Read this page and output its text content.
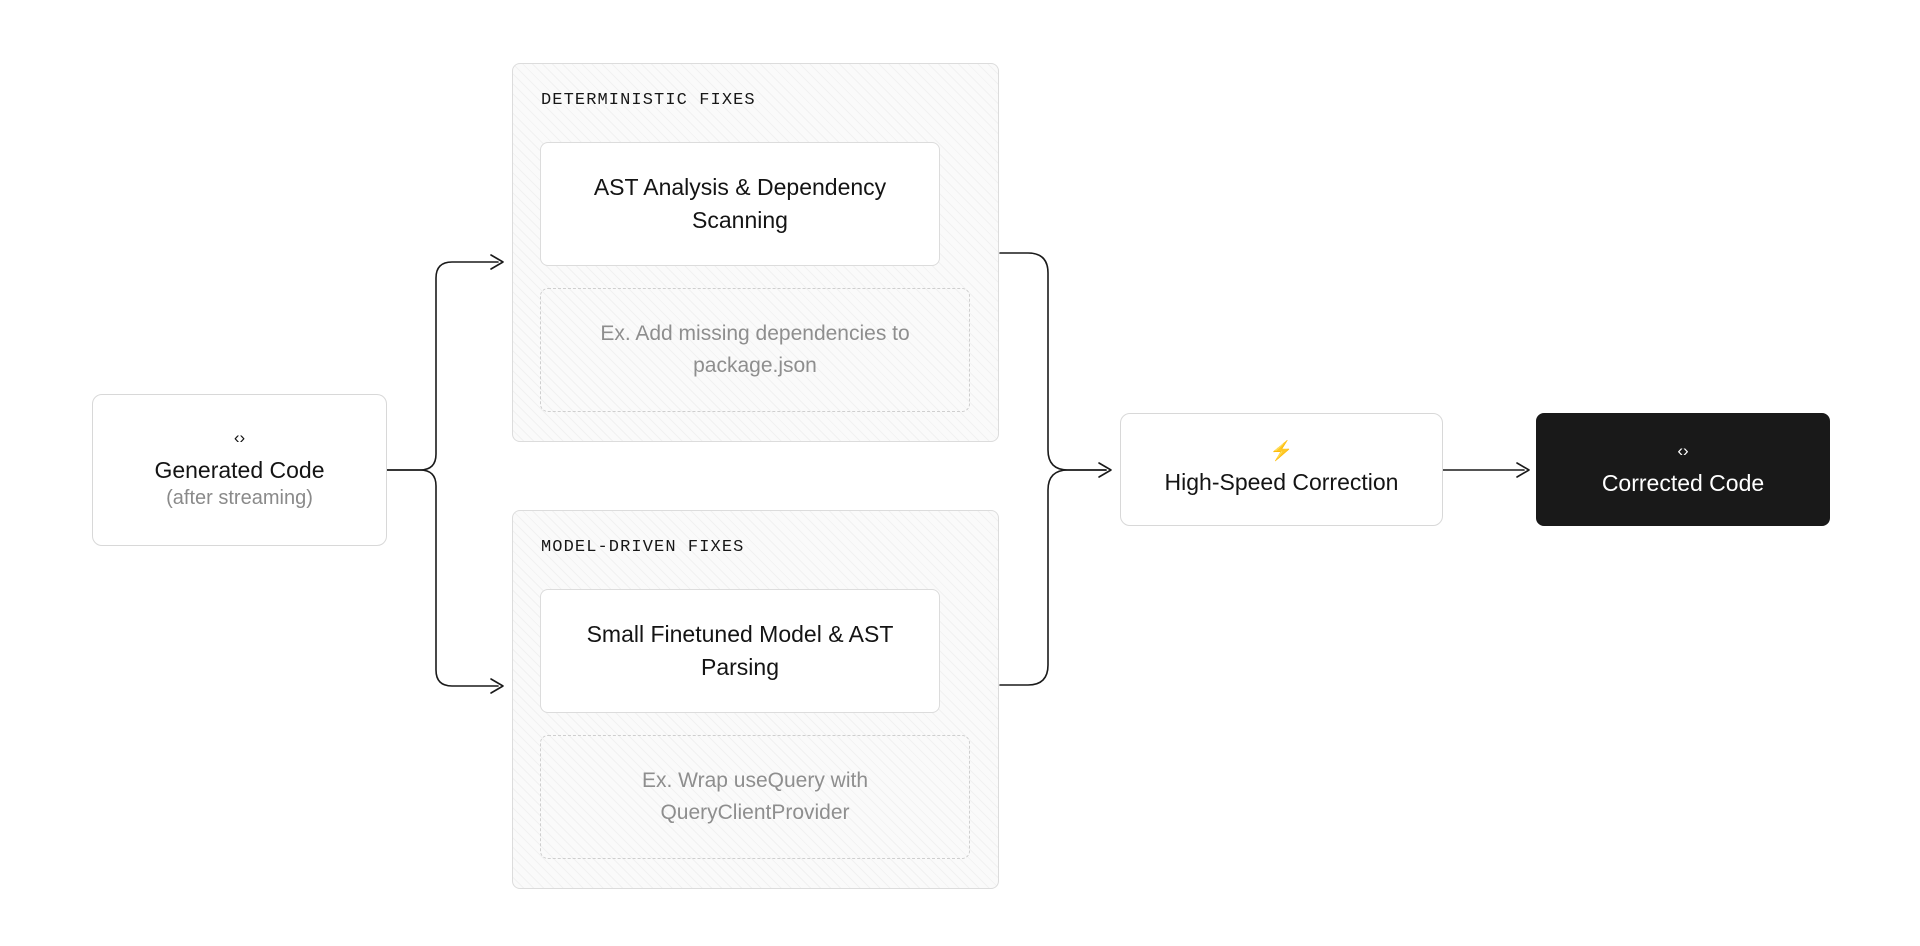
‹›
Generated Code
(after streaming)
DETERMINISTIC FIXES
AST Analysis & Dependency Scanning
Ex. Add missing dependencies to package.json
MODEL-DRIVEN FIXES
Small Finetuned Model & AST Parsing
Ex. Wrap useQuery with QueryClientProvider
⚡
High-Speed Correction
‹›
Corrected Code
